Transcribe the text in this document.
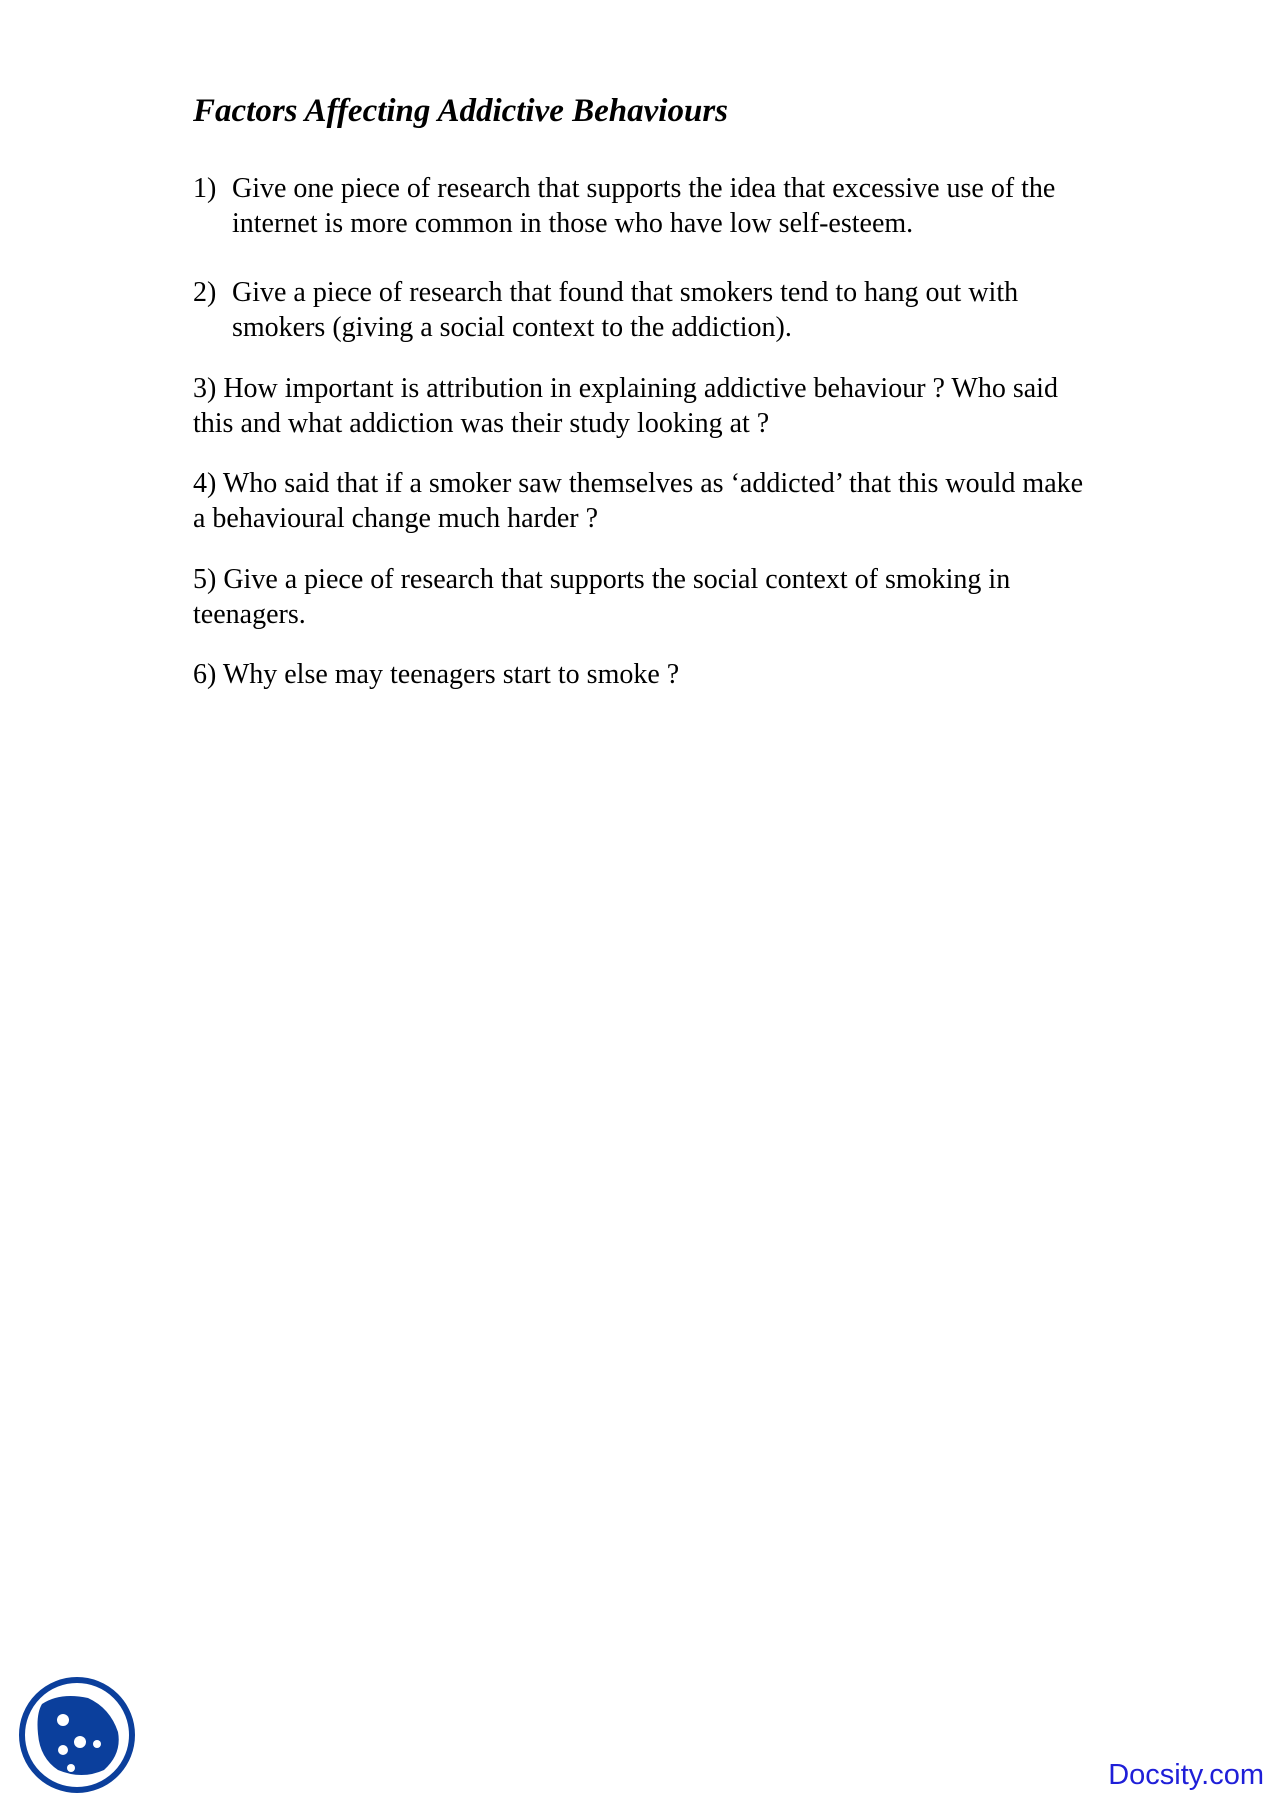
Factors Affecting Addictive Behaviours
1) Give one piece of research that supports the idea that excessive use of the internet is more common in those who have low self-esteem.
2) Give a piece of research that found that smokers tend to hang out with smokers (giving a social context to the addiction).
3) How important is attribution in explaining addictive behaviour ? Who said this and what addiction was their study looking at ?
4) Who said that if a smoker saw themselves as ‘addicted’ that this would make a behavioural change much harder ?
5) Give a piece of research that supports the social context of smoking in teenagers.
6) Why else may teenagers start to smoke ?
Docsity.com
